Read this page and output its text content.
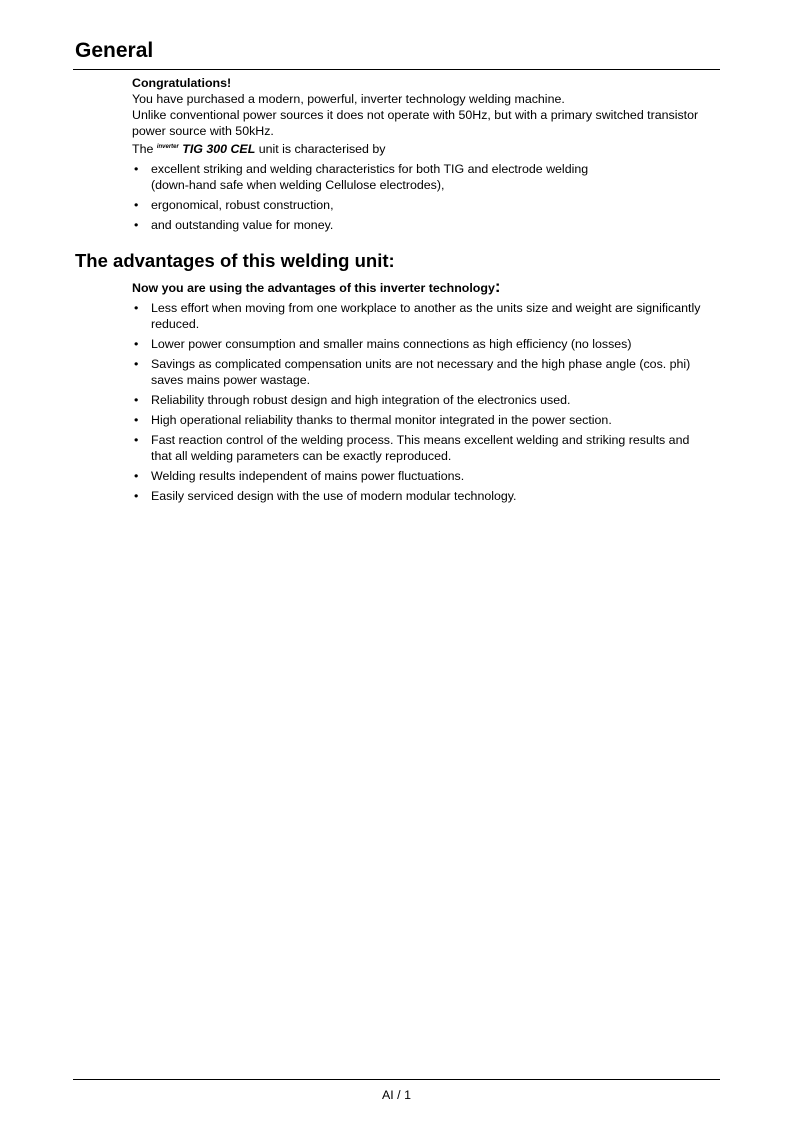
General

Congratulations!

You have purchased a modern, powerful, inverter technology welding machine.

Unlike conventional power sources it does not operate with 50Hz, but with a primary switched transistor power source with 50kHz.

The $^{inverter}$ TIG 300 CEL unit is characterised by

• excellent striking and welding characteristics for both TIG and electrode welding
(down-hand safe when welding Cellulose electrodes),
• ergonomical, robust construction,
• and outstanding value for money.
The advantages of this welding unit:

Now you are using the advantages of this inverter technology:

• Less effort when moving from one workplace to another as the units size and weight are significantly reduced.
• Lower power consumption and smaller mains connections as high efficiency (no losses)
• Savings as complicated compensation units are not necessary and the high phase angle (cos. phi) saves mains power wastage.
• Reliability through robust design and high integration of the electronics used.
• High operational reliability thanks to thermal monitor integrated in the power section.
• Fast reaction control of the welding process. This means excellent welding and striking results and that all welding parameters can be exactly reproduced.
• Welding results independent of mains power fluctuations.
• Easily serviced design with the use of modern modular technology.
AI / 1
